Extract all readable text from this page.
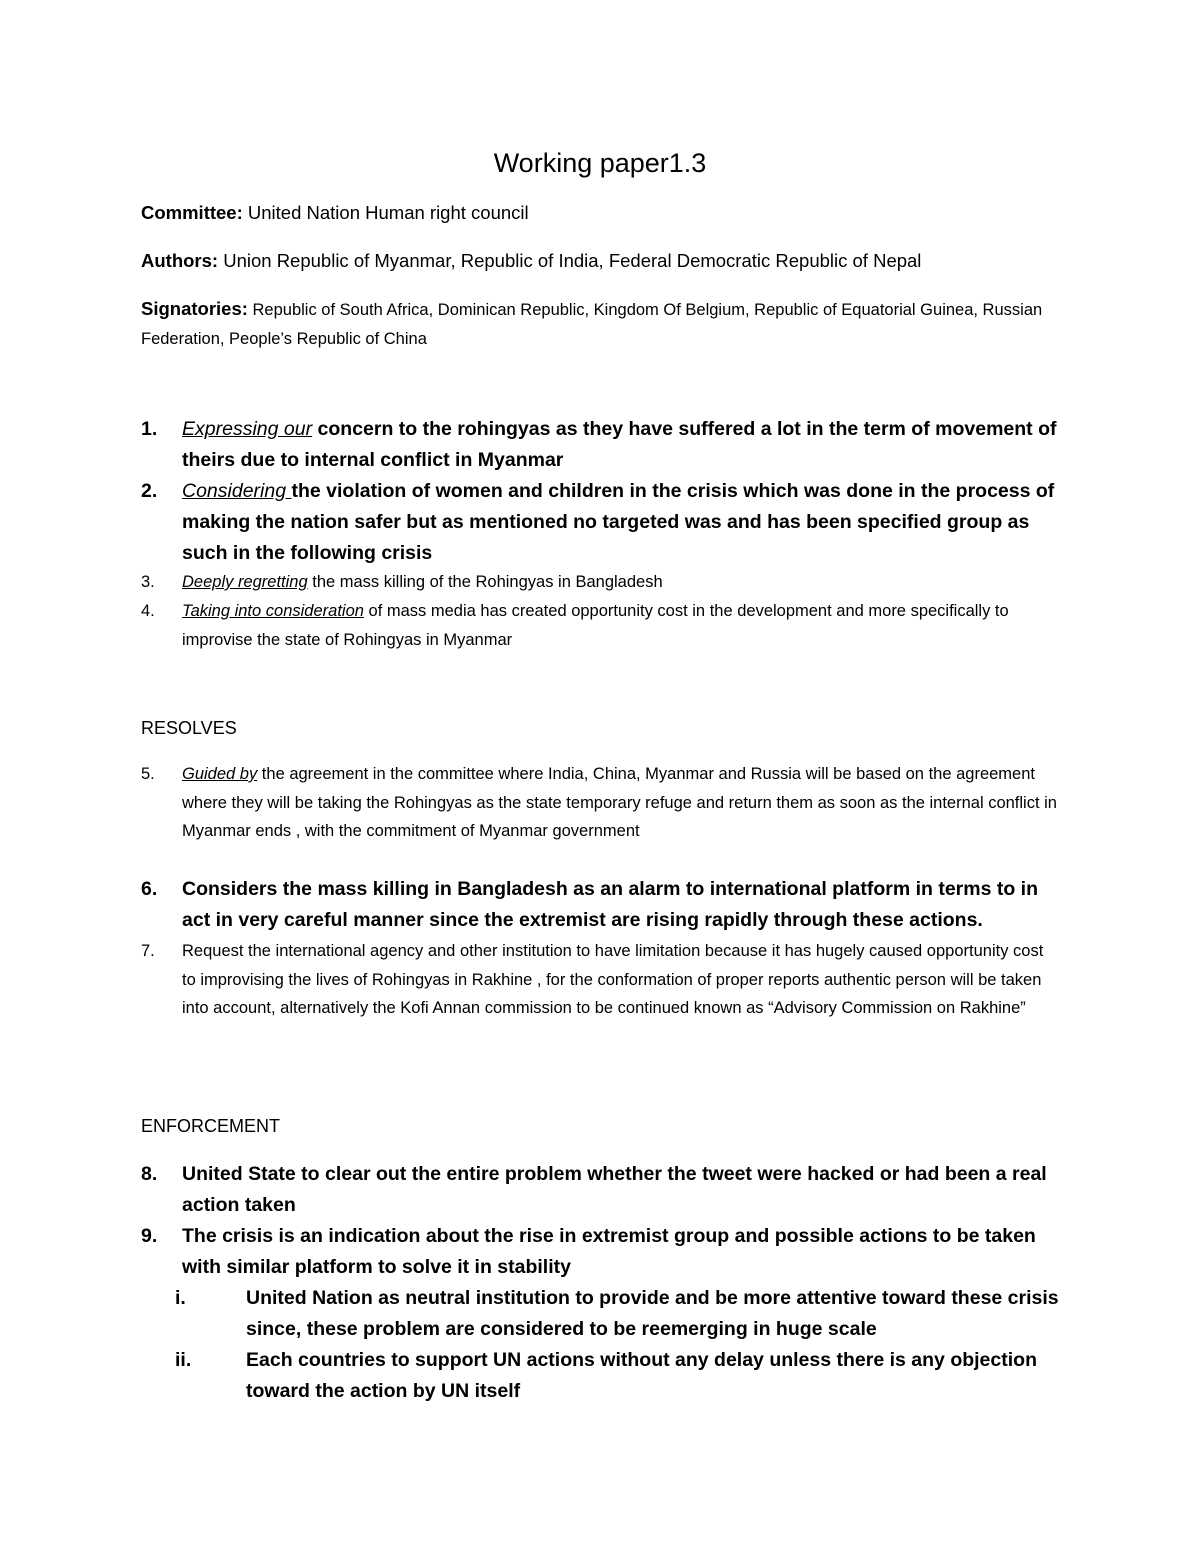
Working paper1.3
Committee: United Nation Human right council
Authors: Union Republic of Myanmar, Republic of India, Federal Democratic Republic of Nepal
Signatories: Republic of South Africa, Dominican Republic, Kingdom Of Belgium, Republic of Equatorial Guinea, Russian Federation, People’s Republic of China
1. Expressing our concern to the rohingyas as they have suffered a lot in the term of movement of theirs due to internal conflict in Myanmar
2. Considering the violation of women and children in the crisis which was done in the process of making the nation safer but as mentioned no targeted was and has been specified group as such in the following crisis
3. Deeply regretting the mass killing of the Rohingyas in Bangladesh
4. Taking into consideration of mass media has created opportunity cost in the development and more specifically to improvise the state of Rohingyas in Myanmar
RESOLVES
5. Guided by the agreement in the committee where India, China, Myanmar and Russia will be based on the agreement where they will be taking the Rohingyas as the state temporary refuge and return them as soon as the internal conflict in Myanmar ends , with the commitment of Myanmar government
6. Considers the mass killing in Bangladesh as an alarm to international platform in terms to in act in very careful manner since the extremist are rising rapidly through these actions.
7. Request the international agency and other institution to have limitation because it has hugely caused opportunity cost to improvising the lives of Rohingyas in Rakhine , for the conformation of proper reports authentic person will be taken into account, alternatively the Kofi Annan commission to be continued known as “Advisory Commission on Rakhine”
ENFORCEMENT
8. United State to clear out the entire problem whether the tweet were hacked or had been a real action taken
9. The crisis is an indication about the rise in extremist group and possible actions to be taken with similar platform to solve it in stability
i.	United Nation as neutral institution to provide and be more attentive toward these crisis since, these problem are considered to be reemerging in huge scale
ii.	Each countries to support UN actions without any delay unless there is any objection toward the action by UN itself
